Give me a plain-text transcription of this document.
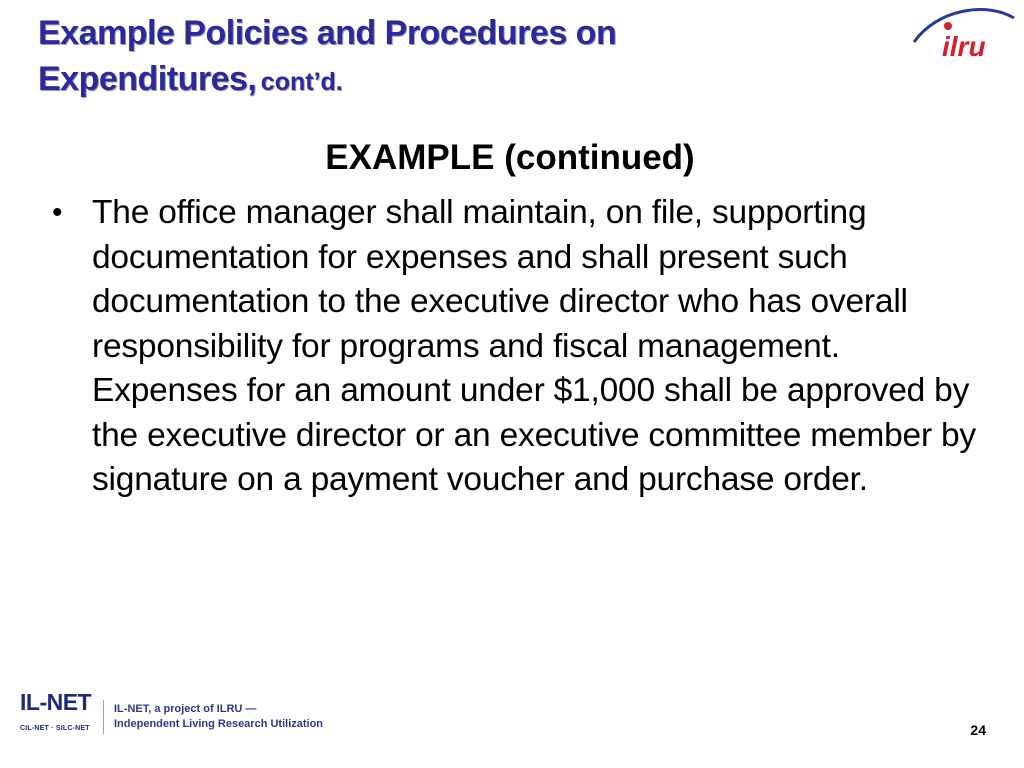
Example Policies and Procedures on
Expenditures, cont’d.
ilru
EXAMPLE (continued)
• The office manager shall maintain, on file, supporting documentation for expenses and shall present such documentation to the executive director who has overall responsibility for programs and fiscal management. Expenses for an amount under $1,000 shall be approved by the executive director or an executive committee member by signature on a payment voucher and purchase order.
IL-NET
CIL-NET · SILC-NET
IL-NET, a project of ILRU —
Independent Living Research Utilization	24
